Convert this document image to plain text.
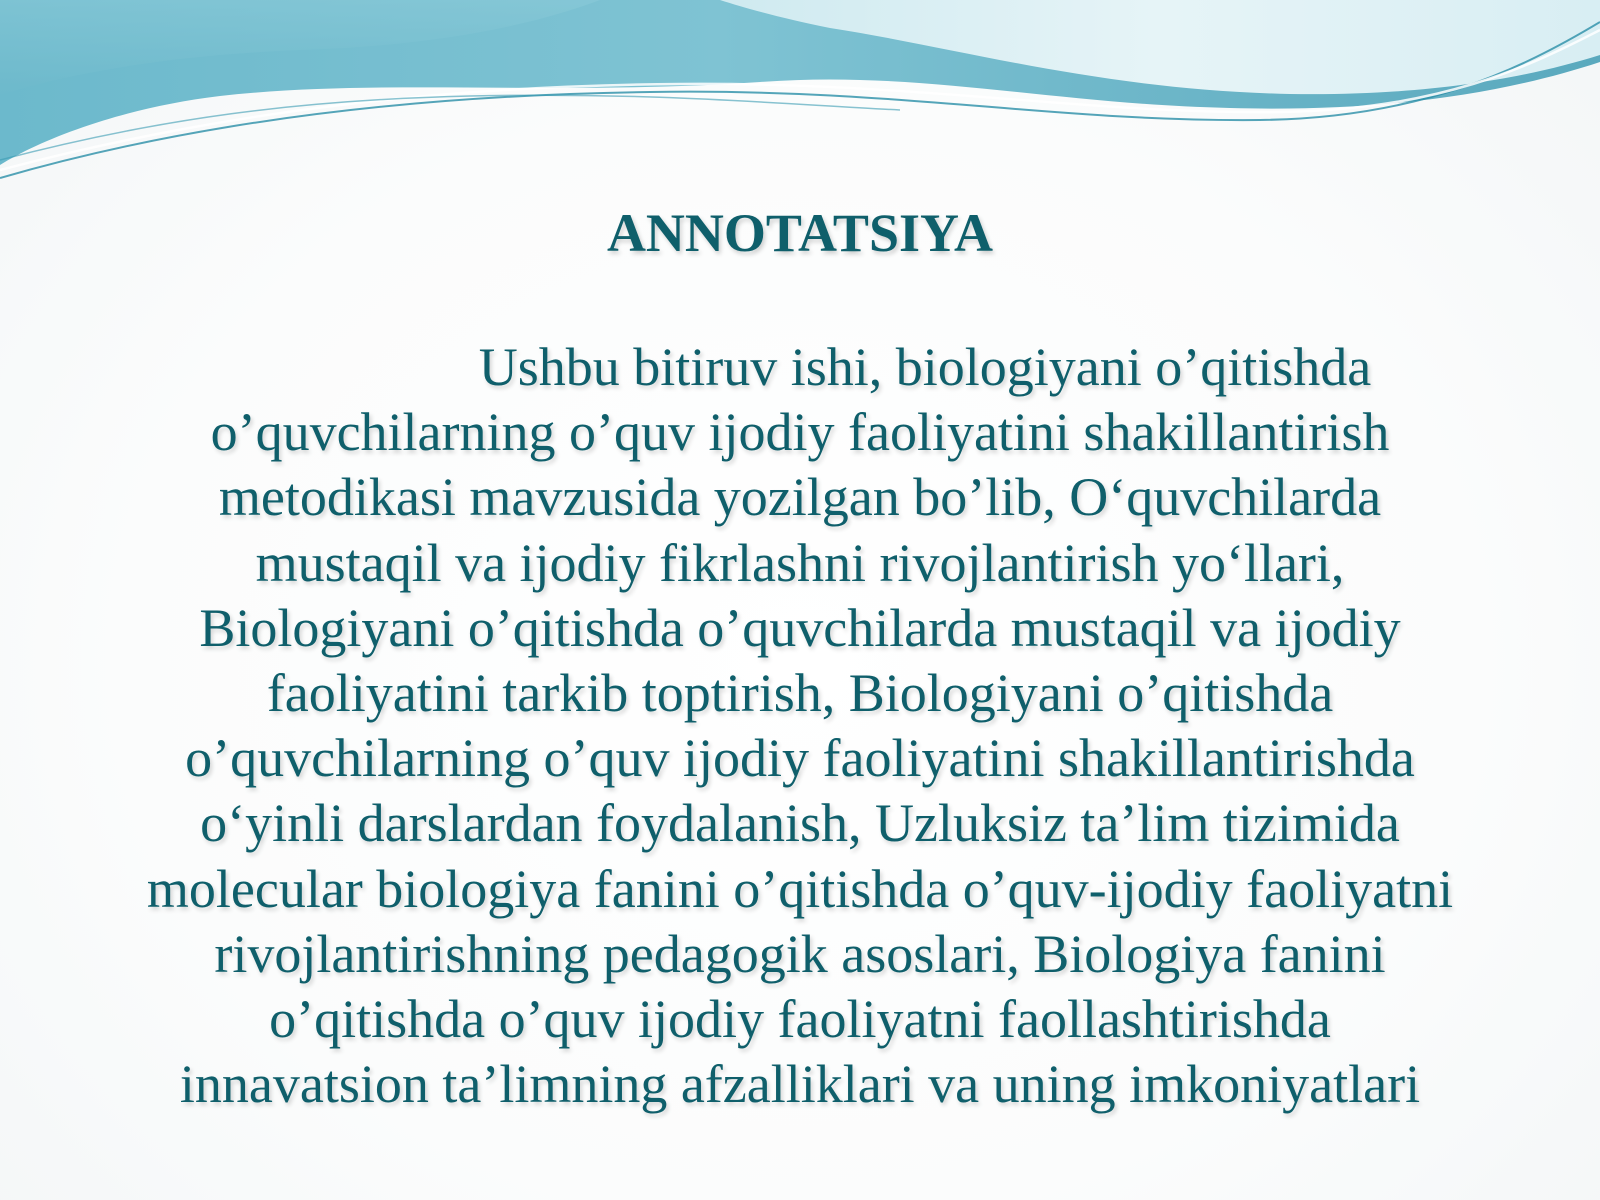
ANNOTATSIYA

Ushbu bitiruv ishi, biologiyani o’qitishda
o’quvchilarning o’quv ijodiy faoliyatini shakillantirish
metodikasi mavzusida yozilgan bo’lib, O‘quvchilarda
mustaqil va ijodiy fikrlashni rivojlantirish yo‘llari,
Biologiyani o’qitishda o’quvchilarda mustaqil va ijodiy
faoliyatini tarkib toptirish, Biologiyani o’qitishda
o’quvchilarning o’quv ijodiy faoliyatini shakillantirishda
o‘yinli darslardan foydalanish, Uzluksiz ta’lim tizimida
molecular biologiya fanini o’qitishda o’quv-ijodiy faoliyatni
rivojlantirishning pedagogik asoslari, Biologiya fanini
o’qitishda o’quv ijodiy faoliyatni faollashtirishda
innavatsion ta’limning afzalliklari va uning imkoniyatlari
